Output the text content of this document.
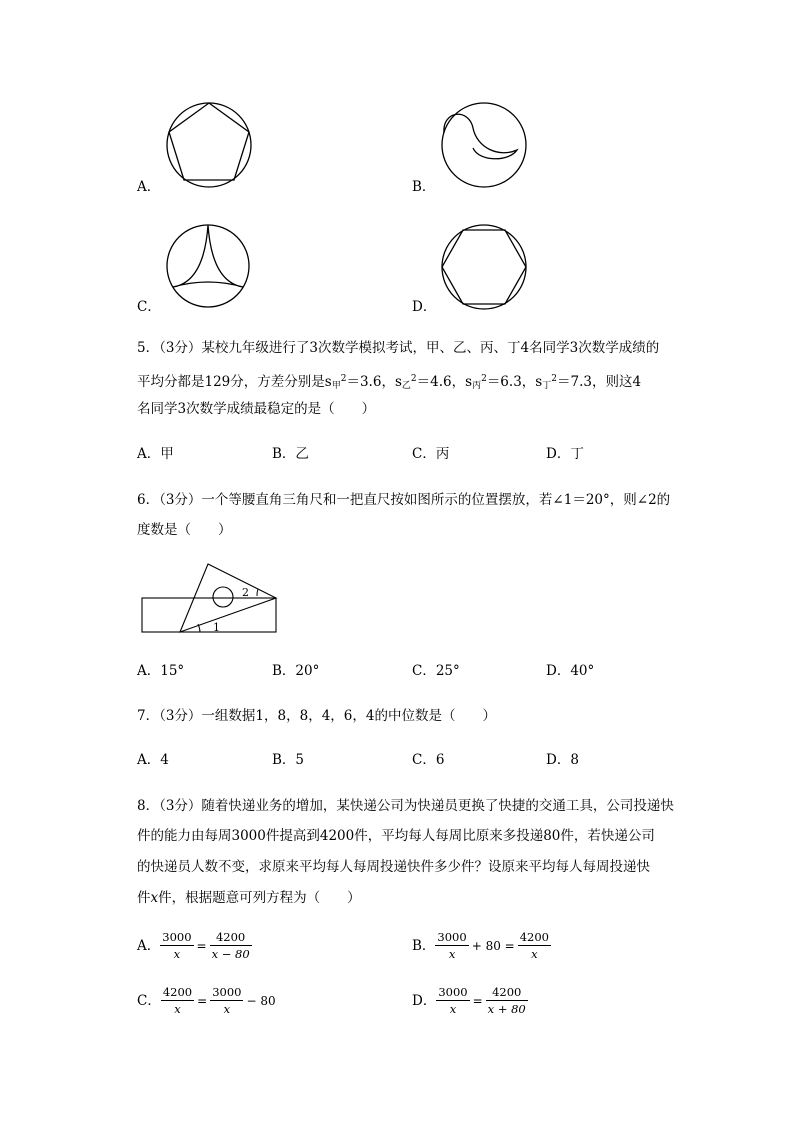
A．	B．
C．	D．
5．（3分）某校九年级进行了3次数学模拟考试，甲、乙、丙、丁4名同学3次数学成绩的
平均分都是129分，方差分别是$s_甲^2=3.6$，$s_乙^2=4.6$，$s_丙^2=6.3$，$s_丁^2=7.3$，则这4
名同学3次数学成绩最稳定的是（　　）
A．甲	B．乙	C．丙	D．丁
6．（3分）一个等腰直角三角尺和一把直尺按如图所示的位置摆放，若∠1＝20°，则∠2的
度数是（　　）
1
2
A．15°	B．20°	C．25°	D．40°
7．（3分）一组数据1，8，8，4，6，4的中位数是（　　）
A．4	B．5	C．6	D．8
8．（3分）随着快递业务的增加，某快递公司为快递员更换了快捷的交通工具，公司投递快
件的能力由每周3000件提高到4200件，平均每人每周比原来多投递80件，若快递公司
的快递员人数不变，求原来平均每人每周投递快件多少件？设原来平均每人每周投递快
件x件，根据题意可列方程为（　　）
A． $\frac{3000}{x} = \frac{4200}{x - 80}$	B． $\frac{3000}{x} + 80 = \frac{4200}{x}$
C． $\frac{4200}{x} = \frac{3000}{x} - 80$	D． $\frac{3000}{x} = \frac{4200}{x + 80}$
